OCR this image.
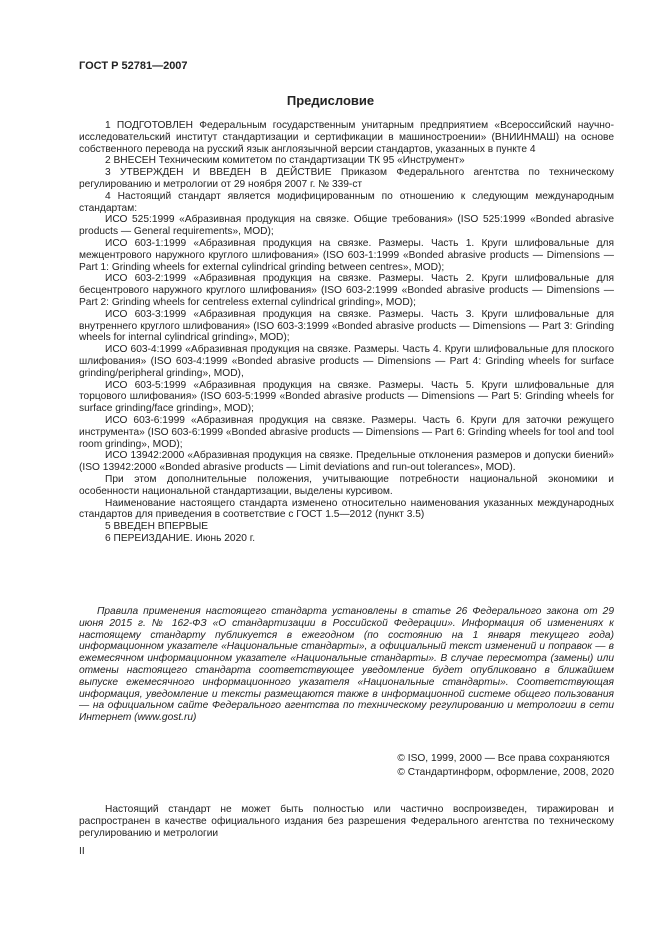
ГОСТ Р 52781—2007
Предисловие

1 ПОДГОТОВЛЕН Федеральным государственным унитарным предприятием «Всероссийский научно-исследовательский институт стандартизации и сертификации в машиностроении» (ВНИИНМАШ) на основе собственного перевода на русский язык англоязычной версии стандартов, указанных в пункте 4

2 ВНЕСЕН Техническим комитетом по стандартизации ТК 95 «Инструмент»

3 УТВЕРЖДЕН И ВВЕДЕН В ДЕЙСТВИЕ Приказом Федерального агентства по техническому регулированию и метрологии от 29 ноября 2007 г. № 339-ст

4 Настоящий стандарт является модифицированным по отношению к следующим международным стандартам:

ИСО 525:1999 «Абразивная продукция на связке. Общие требования» (ISO 525:1999 «Bonded abrasive products — General requirements», MOD);

ИСО 603-1:1999 «Абразивная продукция на связке. Размеры. Часть 1. Круги шлифовальные для межцентрового наружного круглого шлифования» (ISO 603-1:1999 «Bonded abrasive products — Dimensions — Part 1: Grinding wheels for external cylindrical grinding between centres», MOD);

ИСО 603-2:1999 «Абразивная продукция на связке. Размеры. Часть 2. Круги шлифовальные для бесцентрового наружного круглого шлифования» (ISO 603-2:1999 «Bonded abrasive products — Dimensions — Part 2: Grinding wheels for centreless external cylindrical grinding», MOD);

ИСО 603-3:1999 «Абразивная продукция на связке. Размеры. Часть 3. Круги шлифовальные для внутреннего круглого шлифования» (ISO 603-3:1999 «Bonded abrasive products — Dimensions — Part 3: Grinding wheels for internal cylindrical grinding», MOD);

ИСО 603-4:1999 «Абразивная продукция на связке. Размеры. Часть 4. Круги шлифовальные для плоского шлифования» (ISO 603-4:1999 «Bonded abrasive products — Dimensions — Part 4: Grinding wheels for surface grinding/peripheral grinding», MOD),

ИСО 603-5:1999 «Абразивная продукция на связке. Размеры. Часть 5. Круги шлифовальные для торцового шлифования» (ISO 603-5:1999 «Bonded abrasive products — Dimensions — Part 5: Grinding wheels for surface grinding/face grinding», MOD);

ИСО 603-6:1999 «Абразивная продукция на связке. Размеры. Часть 6. Круги для заточки режущего инструмента» (ISO 603-6:1999 «Bonded abrasive products — Dimensions — Part 6: Grinding wheels for tool and tool room grinding», MOD);

ИСО 13942:2000 «Абразивная продукция на связке. Предельные отклонения размеров и допуски биений» (ISO 13942:2000 «Bonded abrasive products — Limit deviations and run-out tolerances», MOD).

При этом дополнительные положения, учитывающие потребности национальной экономики и особенности национальной стандартизации, выделены курсивом.

Наименование настоящего стандарта изменено относительно наименования указанных международных стандартов для приведения в соответствие с ГОСТ 1.5—2012 (пункт 3.5)

5 ВВЕДЕН ВПЕРВЫЕ

6 ПЕРЕИЗДАНИЕ. Июнь 2020 г.

Правила применения настоящего стандарта установлены в статье 26 Федерального закона от 29 июня 2015 г. № 162-ФЗ «О стандартизации в Российской Федерации». Информация об изменениях к настоящему стандарту публикуется в ежегодном (по состоянию на 1 января текущего года) информационном указателе «Национальные стандарты», а официальный текст изменений и поправок — в ежемесячном информационном указателе «Национальные стандарты». В случае пересмотра (замены) или отмены настоящего стандарта соответствующее уведомление будет опубликовано в ближайшем выпуске ежемесячного информационного указателя «Национальные стандарты». Соответствующая информация, уведомление и тексты размещаются также в информационной системе общего пользования — на официальном сайте Федерального агентства по техническому регулированию и метрологии в сети Интернет (www.gost.ru)

© ISO, 1999, 2000 — Все права сохраняются
© Стандартинформ, оформление, 2008, 2020

Настоящий стандарт не может быть полностью или частично воспроизведен, тиражирован и распространен в качестве официального издания без разрешения Федерального агентства по техническому регулированию и метрологии

II
